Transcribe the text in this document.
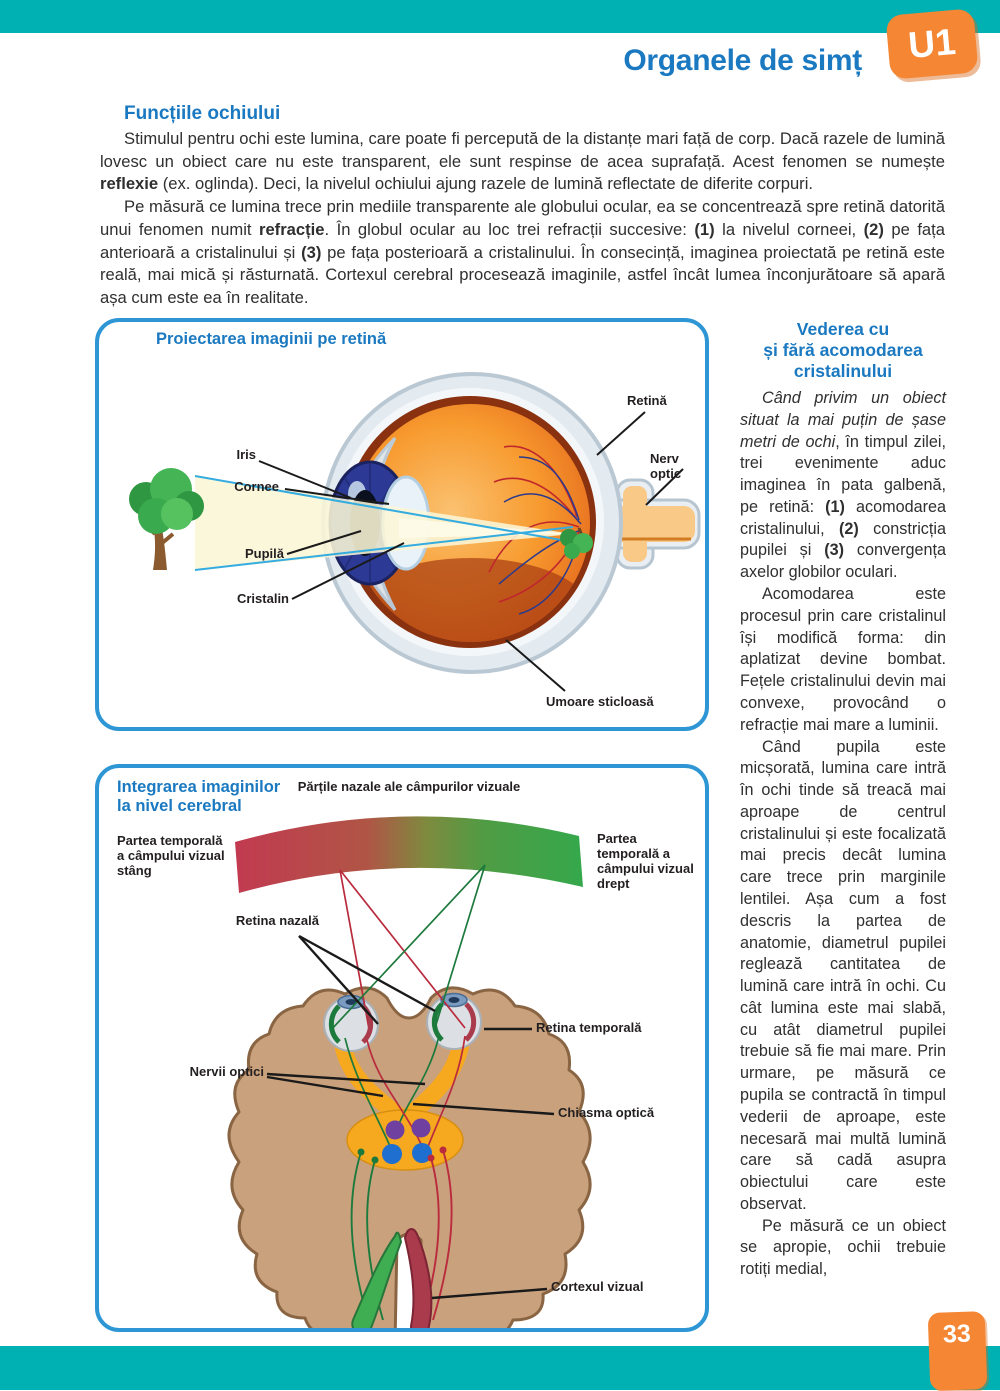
Organele de simț	U1
Funcțiile ochiului

Stimulul pentru ochi este lumina, care poate fi percepută de la distanțe mari față de corp. Dacă razele de lumină lovesc un obiect care nu este transparent, ele sunt respinse de acea suprafață. Acest fenomen se numește reflexie (ex. oglinda). Deci, la nivelul ochiului ajung razele de lumină reflectate de diferite corpuri.

Pe măsură ce lumina trece prin mediile transparente ale globului ocular, ea se concentrează spre retină datorită unui fenomen numit refracție. În globul ocular au loc trei refracții succesive: (1) la nivelul corneei, (2) pe fața anterioară a cristalinului și (3) pe fața posterioară a cristalinului. În consecință, imaginea proiectată pe retină este reală, mai mică și răsturnată. Cortexul cerebral procesează imaginile, astfel încât lumea înconjurătoare să apară așa cum este ea în realitate.

Proiectarea imaginii pe retină
Iris
Cornee
Pupilă
Cristalin
Retină
Nerv optic
Umoare sticloasă
Integrarea imaginilor
la nivel cerebral
Părțile nazale ale câmpurilor vizuale
Partea temporală a câmpului vizual stâng
Partea temporală a câmpului vizual drept
Retina nazală
Retina temporală
Nervii optici
Chiasma optică
Cortexul vizual
Vederea cu
și fără acomodarea
cristalinului

Când privim un obiect situat la mai puțin de șase metri de ochi, în timpul zilei, trei evenimente aduc imaginea în pata galbenă, pe retină: (1) acomodarea cristalinului, (2) constricția pupilei și (3) convergența axelor globilor oculari.

Acomodarea este procesul prin care cristalinul își modifică forma: din aplatizat devine bombat. Fețele cristalinului devin mai convexe, provocând o refracție mai mare a luminii.

Când pupila este micșorată, lumina care intră în ochi tinde să treacă mai aproape de centrul cristalinului și este focalizată mai precis decât lumina care trece prin marginile lentilei. Așa cum a fost descris la partea de anatomie, diametrul pupilei reglează cantitatea de lumină care intră în ochi. Cu cât lumina este mai slabă, cu atât diametrul pupilei trebuie să fie mai mare. Prin urmare, pe măsură ce pupila se contractă în timpul vederii de aproape, este necesară mai multă lumină care să cadă asupra obiectului care este observat.

Pe măsură ce un obiect se apropie, ochii trebuie rotiți medial,

33
